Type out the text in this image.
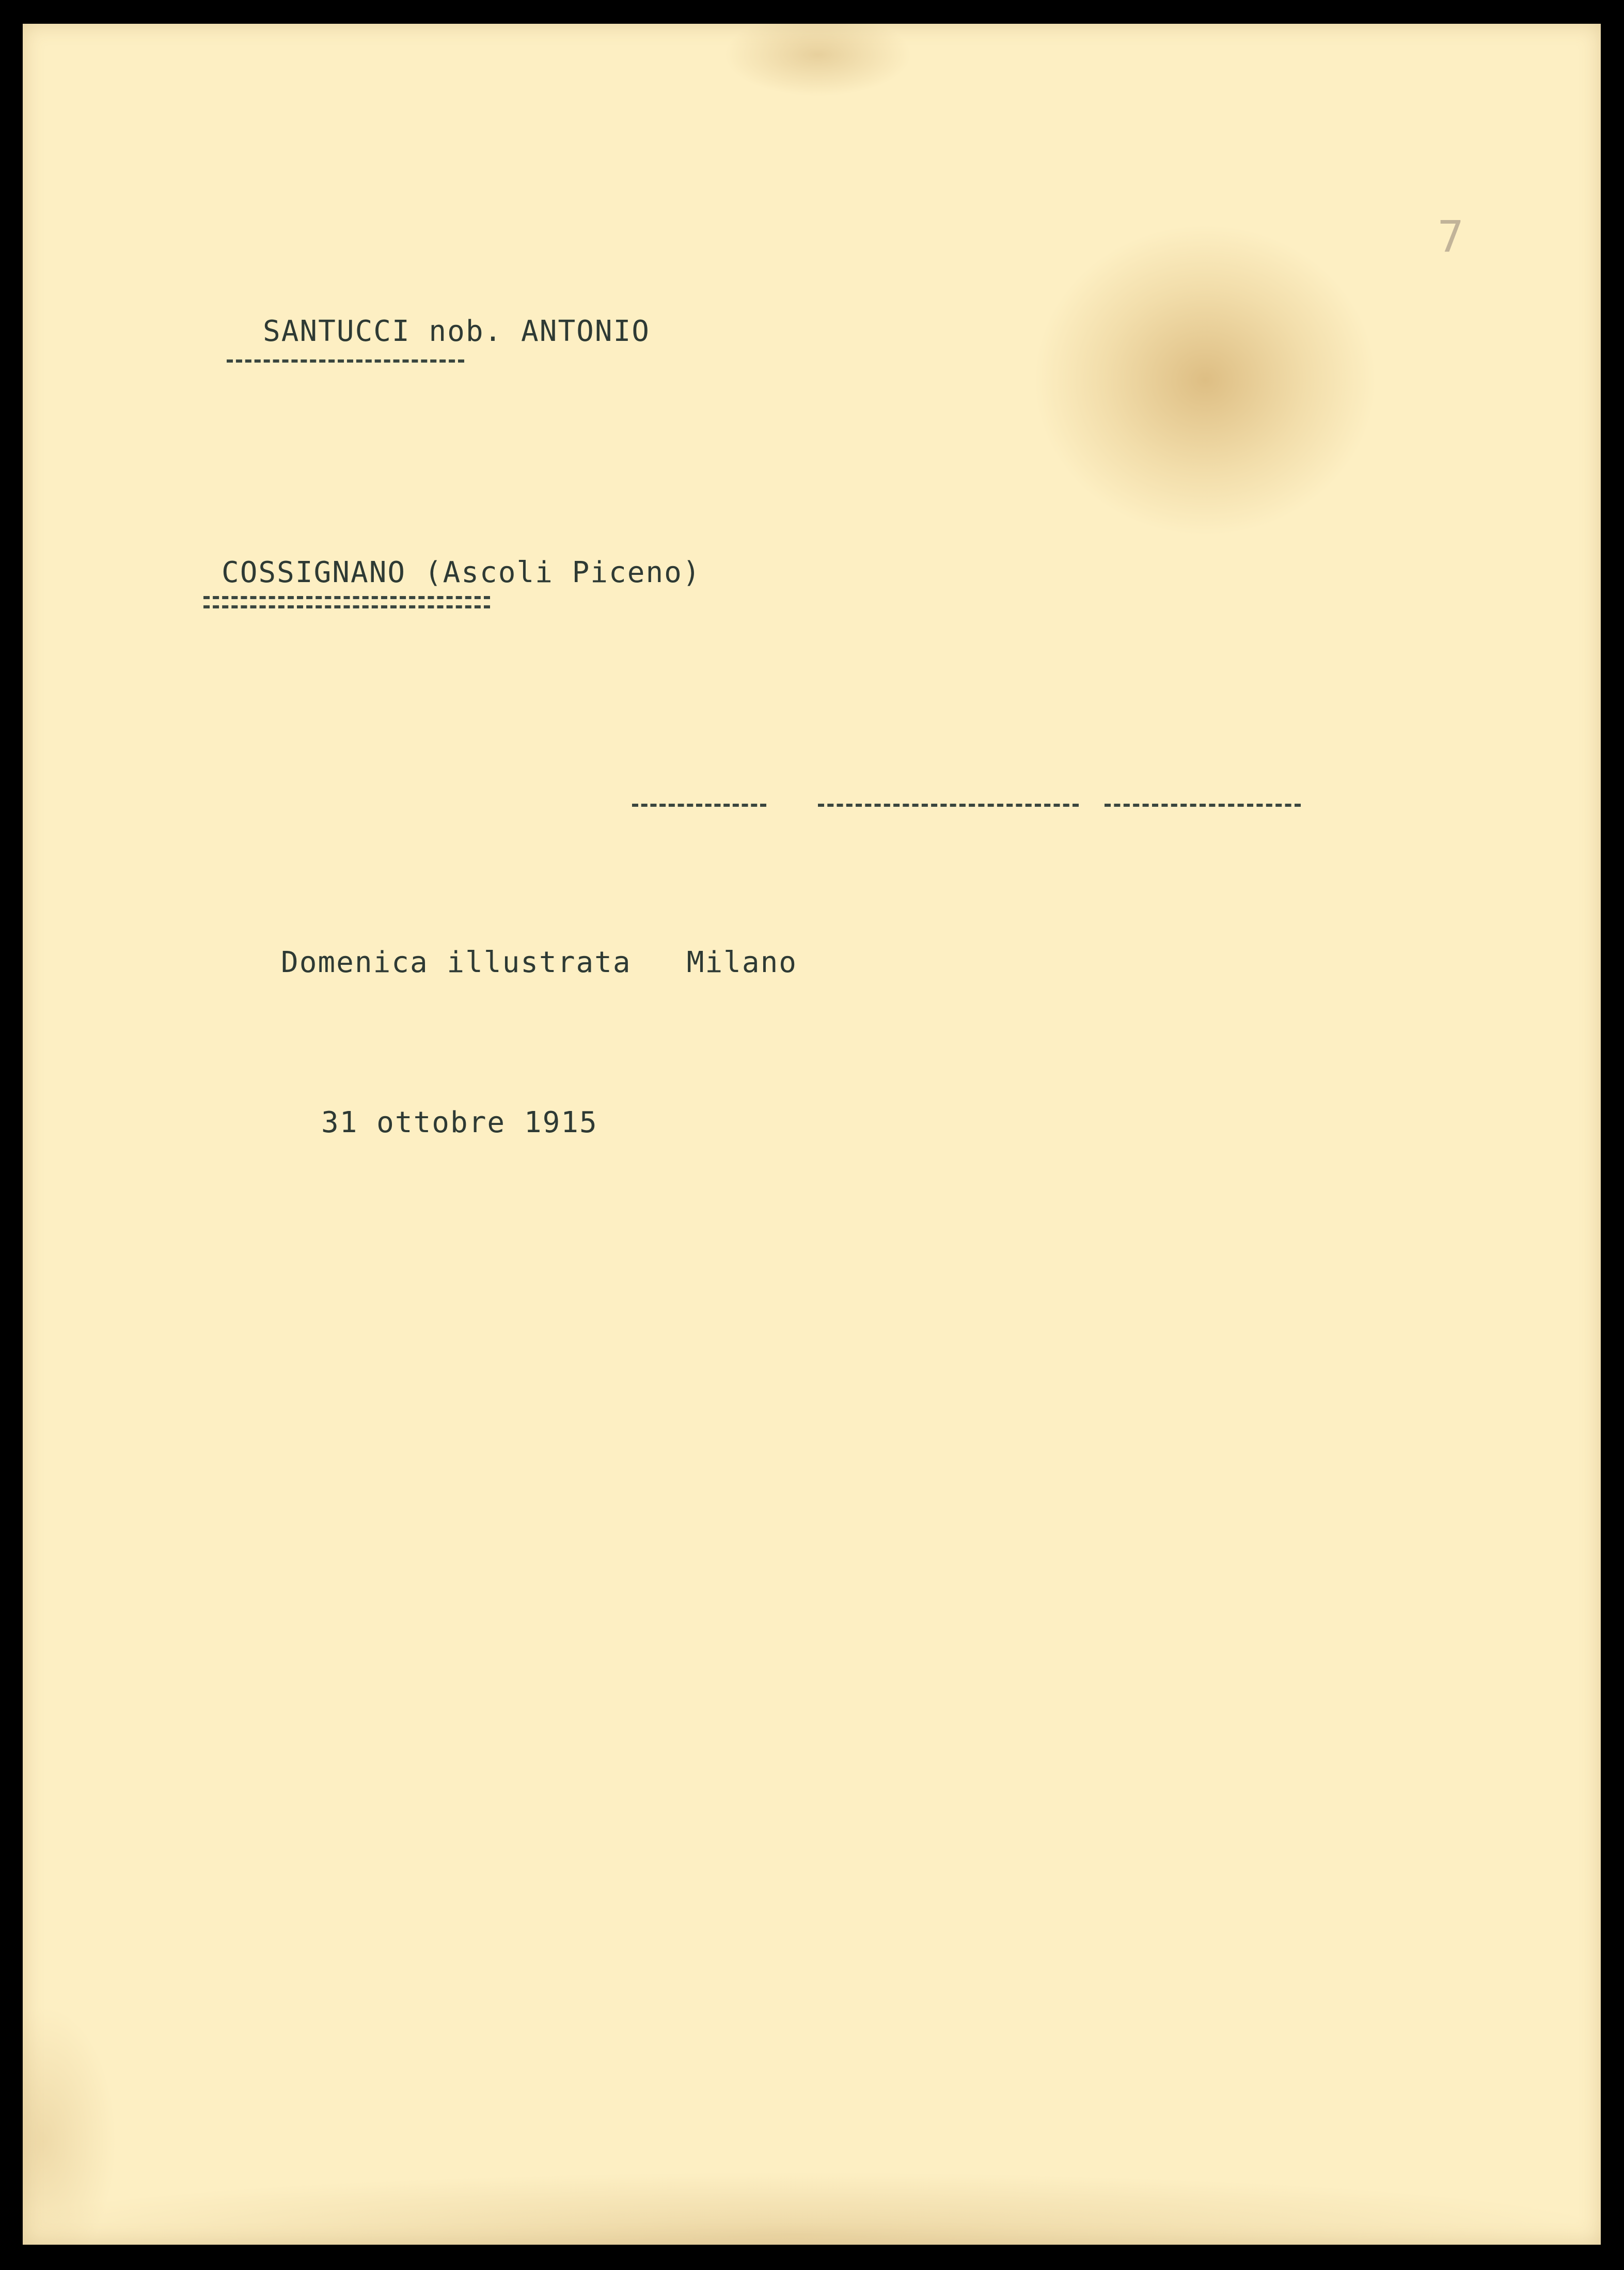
7
SANTUCCI nob. ANTONIO
COSSIGNANO (Ascoli Piceno)
Domenica illustrata   Milano
31 ottobre 1915
